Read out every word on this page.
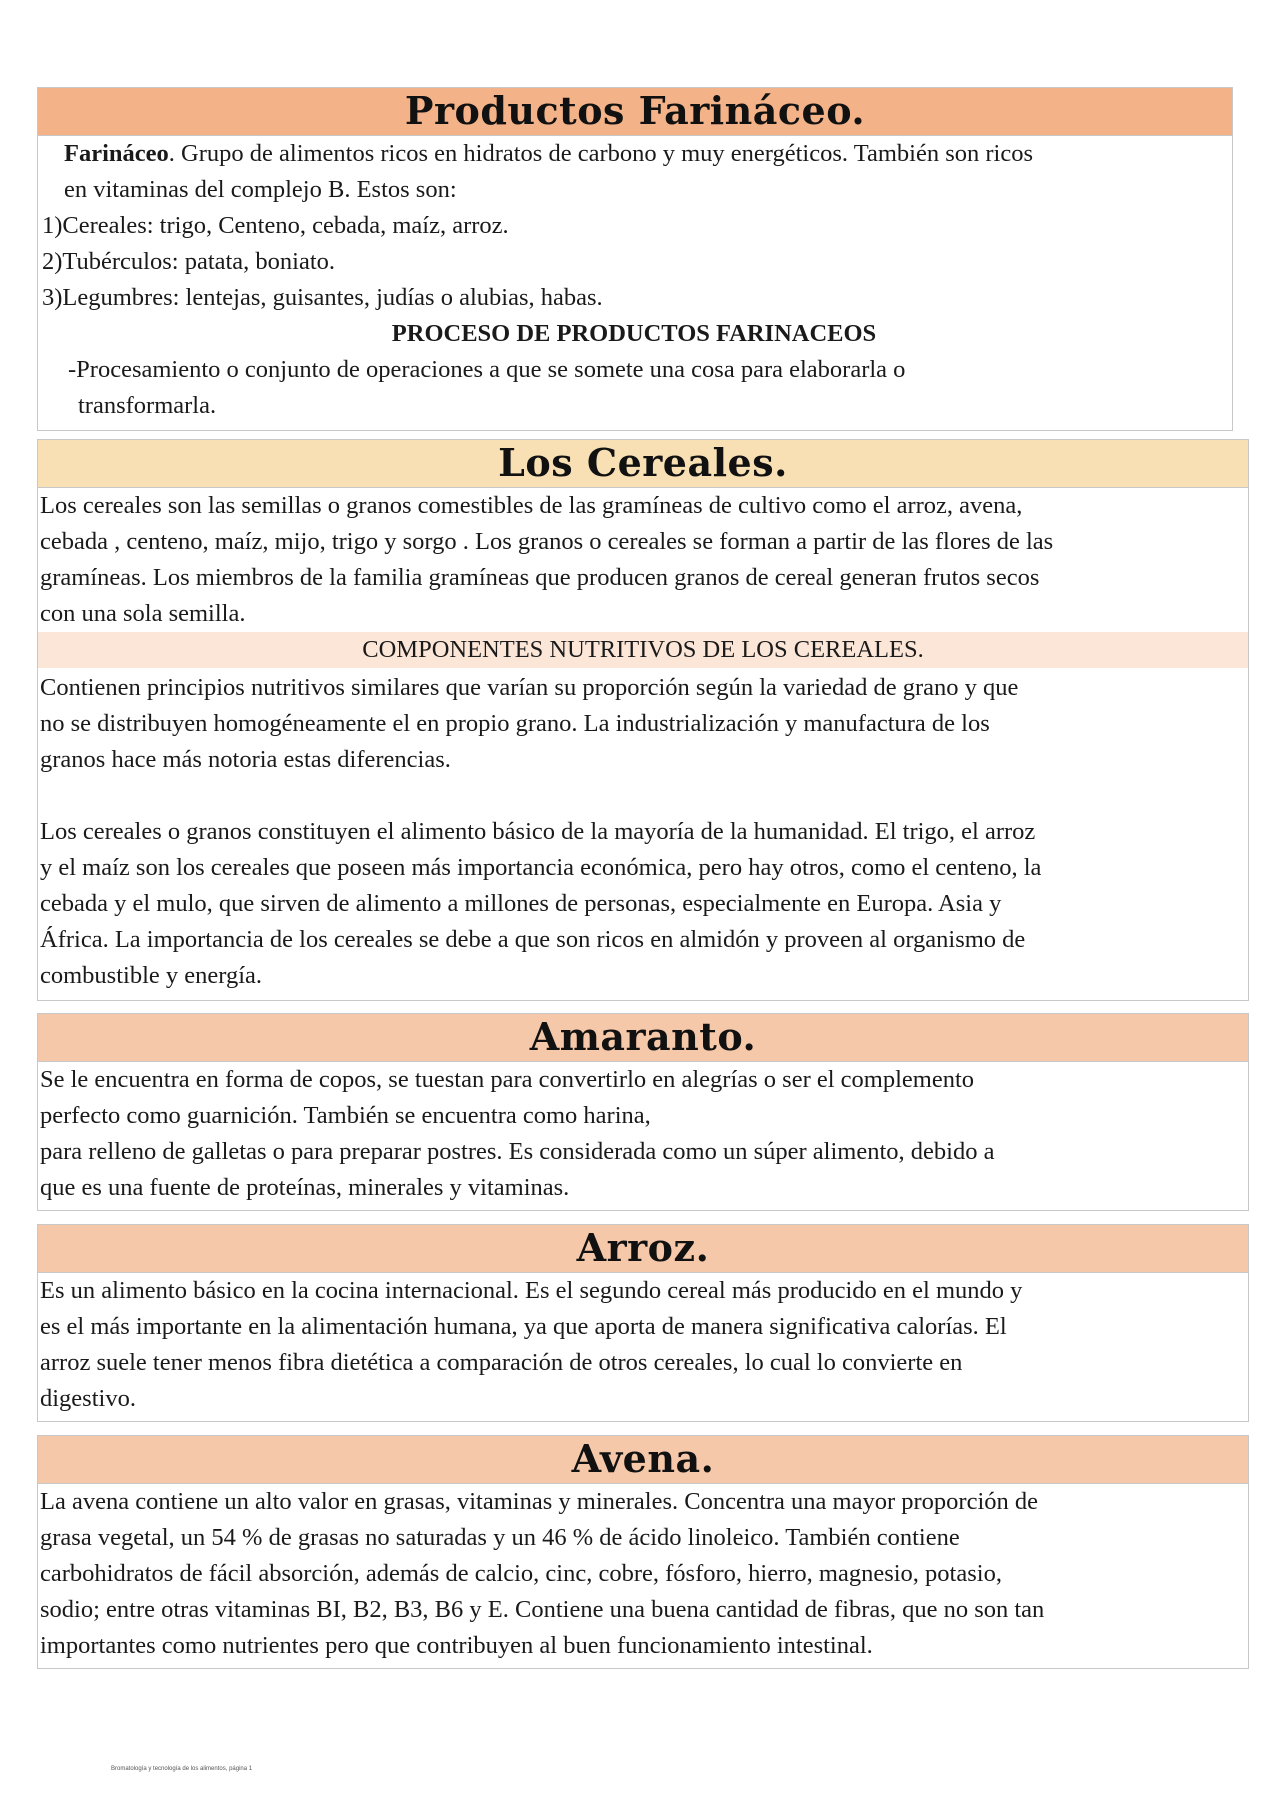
Productos Farináceo.

Farináceo. Grupo de alimentos ricos en hidratos de carbono y muy energéticos. También son ricos

en vitaminas del complejo B. Estos son:

1)Cereales: trigo, Centeno, cebada, maíz, arroz.

2)Tubérculos: patata, boniato.

3)Legumbres: lentejas, guisantes, judías o alubias, habas.

PROCESO DE PRODUCTOS FARINACEOS

-Procesamiento o conjunto de operaciones a que se somete una cosa para elaborarla o

transformarla.

Los Cereales.

Los cereales son las semillas o granos comestibles de las gramíneas de cultivo como el arroz, avena,

cebada , centeno, maíz, mijo, trigo y sorgo . Los granos o cereales se forman a partir de las flores de las

gramíneas. Los miembros de la familia gramíneas que producen granos de cereal generan frutos secos

con una sola semilla.

COMPONENTES NUTRITIVOS DE LOS CEREALES.

Contienen principios nutritivos similares que varían su proporción según la variedad de grano y que

no se distribuyen homogéneamente el en propio grano. La industrialización y manufactura de los

granos hace más notoria estas diferencias.

Los cereales o granos constituyen el alimento básico de la mayoría de la humanidad. El trigo, el arroz

y el maíz son los cereales que poseen más importancia económica, pero hay otros, como el centeno, la

cebada y el mulo, que sirven de alimento a millones de personas, especialmente en Europa. Asia y

África. La importancia de los cereales se debe a que son ricos en almidón y proveen al organismo de

combustible y energía.

Amaranto.

Se le encuentra en forma de copos, se tuestan para convertirlo en alegrías o ser el complemento

perfecto como guarnición. También se encuentra como harina,

para relleno de galletas o para preparar postres. Es considerada como un súper alimento, debido a

que es una fuente de proteínas, minerales y vitaminas.

Arroz.

Es un alimento básico en la cocina internacional. Es el segundo cereal más producido en el mundo y

es el más importante en la alimentación humana, ya que aporta de manera significativa calorías. El

arroz suele tener menos fibra dietética a comparación de otros cereales, lo cual lo convierte en

digestivo.

Avena.

La avena contiene un alto valor en grasas, vitaminas y minerales. Concentra una mayor proporción de

grasa vegetal, un 54 % de grasas no saturadas y un 46 % de ácido linoleico. También contiene

carbohidratos de fácil absorción, además de calcio, cinc, cobre, fósforo, hierro, magnesio, potasio,

sodio; entre otras vitaminas BI, B2, B3, B6 y E. Contiene una buena cantidad de fibras, que no son tan

importantes como nutrientes pero que contribuyen al buen funcionamiento intestinal.

Bromatología y tecnología de los alimentos, página 1
